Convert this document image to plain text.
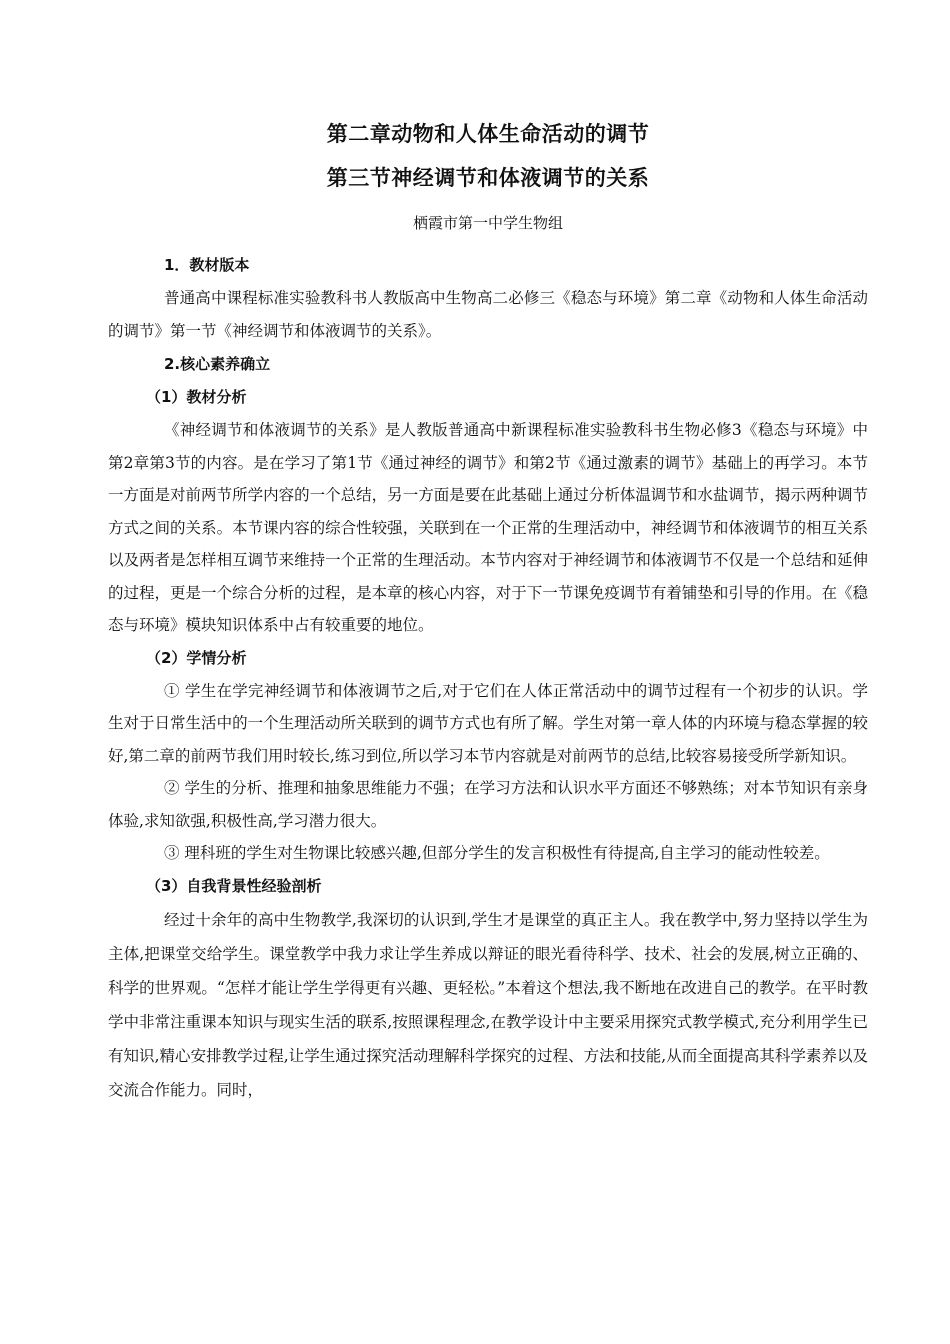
第二章动物和人体生命活动的调节
第三节神经调节和体液调节的关系
栖霞市第一中学生物组
1．教材版本

普通高中课程标准实验教科书人教版高中生物高二必修三《稳态与环境》第二章《动物和人体生命活动的调节》第一节《神经调节和体液调节的关系》。

2.核心素养确立
（1）教材分析

《神经调节和体液调节的关系》是人教版普通高中新课程标准实验教科书生物必修3《稳态与环境》中第2章第3节的内容。是在学习了第1节《通过神经的调节》和第2节《通过激素的调节》基础上的再学习。本节一方面是对前两节所学内容的一个总结，另一方面是要在此基础上通过分析体温调节和水盐调节，揭示两种调节方式之间的关系。本节课内容的综合性较强，关联到在一个正常的生理活动中，神经调节和体液调节的相互关系以及两者是怎样相互调节来维持一个正常的生理活动。本节内容对于神经调节和体液调节不仅是一个总结和延伸的过程，更是一个综合分析的过程，是本章的核心内容，对于下一节课免疫调节有着铺垫和引导的作用。在《稳态与环境》模块知识体系中占有较重要的地位。

（2）学情分析

① 学生在学完神经调节和体液调节之后,对于它们在人体正常活动中的调节过程有一个初步的认识。学生对于日常生活中的一个生理活动所关联到的调节方式也有所了解。学生对第一章人体的内环境与稳态掌握的较好,第二章的前两节我们用时较长,练习到位,所以学习本节内容就是对前两节的总结,比较容易接受所学新知识。

② 学生的分析、推理和抽象思维能力不强；在学习方法和认识水平方面还不够熟练；对本节知识有亲身体验,求知欲强,积极性高,学习潜力很大。

③ 理科班的学生对生物课比较感兴趣,但部分学生的发言积极性有待提高,自主学习的能动性较差。

（3）自我背景性经验剖析

经过十余年的高中生物教学,我深切的认识到,学生才是课堂的真正主人。我在教学中,努力坚持以学生为主体,把课堂交给学生。课堂教学中我力求让学生养成以辩证的眼光看待科学、技术、社会的发展,树立正确的、科学的世界观。“怎样才能让学生学得更有兴趣、更轻松。”本着这个想法,我不断地在改进自己的教学。在平时教学中非常注重课本知识与现实生活的联系,按照课程理念,在教学设计中主要采用探究式教学模式,充分利用学生已有知识,精心安排教学过程,让学生通过探究活动理解科学探究的过程、方法和技能,从而全面提高其科学素养以及交流合作能力。同时，
